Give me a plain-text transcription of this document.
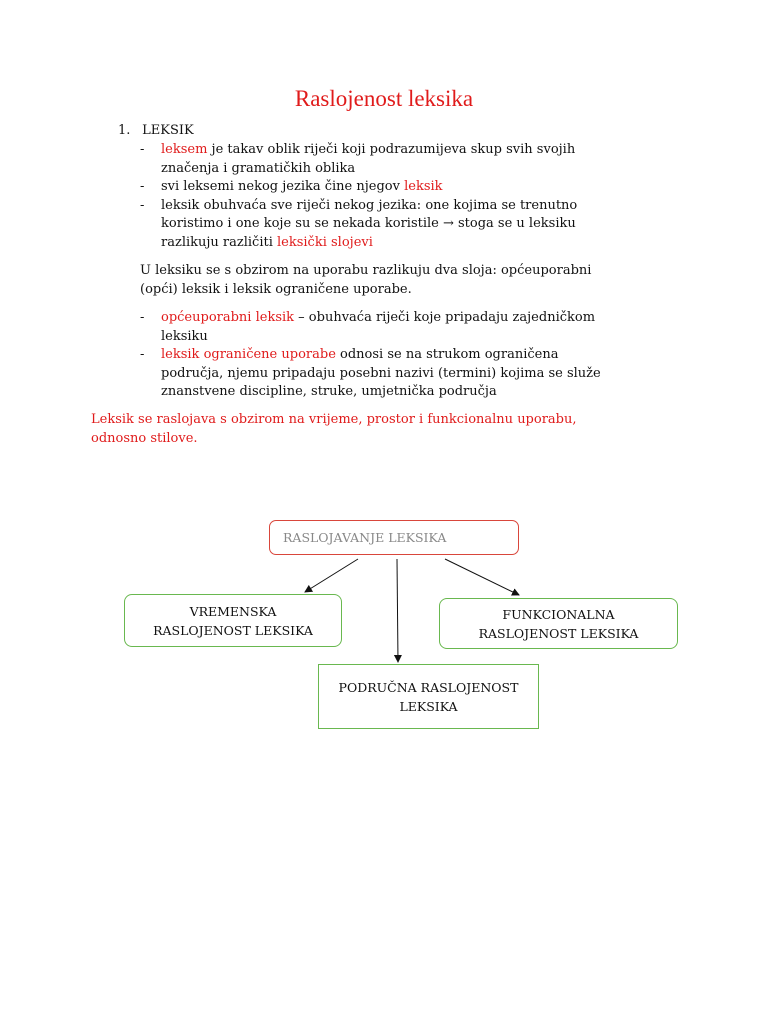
Raslojenost leksika
1. LEKSIK
- leksem je takav oblik riječi koji podrazumijeva skup svih svojih
značenja i gramatičkih oblika
- svi leksemi nekog jezika čine njegov leksik
- leksik obuhvaća sve riječi nekog jezika: one kojima se trenutno
koristimo i one koje su se nekada koristile → stoga se u leksiku
razlikuju različiti leksički slojevi
U leksiku se s obzirom na uporabu razlikuju dva sloja: općeuporabni
(opći) leksik i leksik ograničene uporabe.
- općeuporabni leksik – obuhvaća riječi koje pripadaju zajedničkom
leksiku
- leksik ograničene uporabe odnosi se na strukom ograničena
područja, njemu pripadaju posebni nazivi (termini) kojima se služe
znanstvene discipline, struke, umjetnička područja
Leksik se raslojava s obzirom na vrijeme, prostor i funkcionalnu uporabu,
odnosno stilove.
RASLOJAVANJE LEKSIKA
VREMENSKA
RASLOJENOST LEKSIKA
FUNKCIONALNA
RASLOJENOST LEKSIKA
PODRUČNA RASLOJENOST
LEKSIKA
